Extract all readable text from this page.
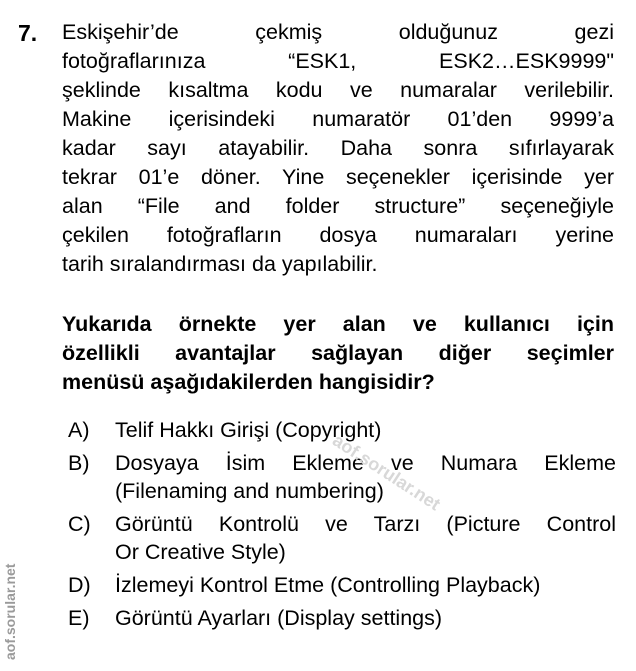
7. Eskişehir’de çekmiş olduğunuz gezi
fotoğraflarınıza “ESK1, ESK2…ESK9999"
şeklinde kısaltma kodu ve numaralar verilebilir.
Makine içerisindeki numaratör 01’den 9999’a
kadar sayı atayabilir. Daha sonra sıfırlayarak
tekrar 01’e döner. Yine seçenekler içerisinde yer
alan “File and folder structure” seçeneğiyle
çekilen fotoğrafların dosya numaraları yerine
tarih sıralandırması da yapılabilir.
Yukarıda örnekte yer alan ve kullanıcı için
özellikli avantajlar sağlayan diğer seçimler
menüsü aşağıdakilerden hangisidir?
A)	Telif Hakkı Girişi (Copyright)
B)	Dosyaya İsim Ekleme ve Numara Ekleme
(Filenaming and numbering)
C)	Görüntü Kontrolü ve Tarzı (Picture Control
Or Creative Style)
D)	İzlemeyi Kontrol Etme (Controlling Playback)
E)	Görüntü Ayarları (Display settings)
aof.sorular.net
aof.sorular.net
